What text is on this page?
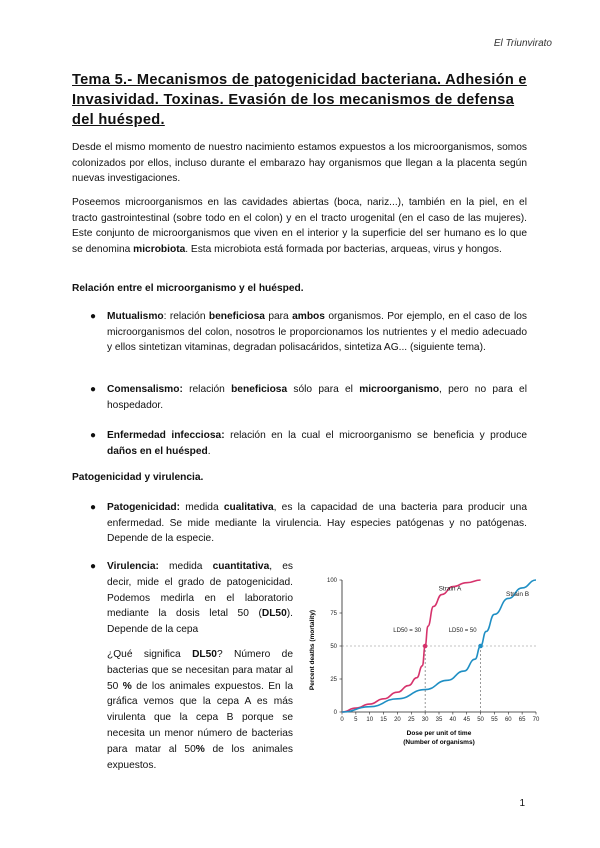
El Triunvirato
Tema 5.- Mecanismos de patogenicidad bacteriana. Adhesión e Invasividad. Toxinas. Evasión de los mecanismos de defensa del huésped.
Desde el mismo momento de nuestro nacimiento estamos expuestos a los microorganismos, somos colonizados por ellos, incluso durante el embarazo hay organismos que llegan a la placenta según nuevas investigaciones.
Poseemos microorganismos en las cavidades abiertas (boca, nariz...), también en la piel, en el tracto gastrointestinal (sobre todo en el colon) y en el tracto urogenital (en el caso de las mujeres). Este conjunto de microorganismos que viven en el interior y la superficie del ser humano es lo que se denomina microbiota. Esta microbiota está formada por bacterias, arqueas, virus y hongos.
Relación entre el microorganismo y el huésped.
● Mutualismo: relación beneficiosa para ambos organismos. Por ejemplo, en el caso de los microorganismos del colon, nosotros le proporcionamos los nutrientes y el medio adecuado y ellos sintetizan vitaminas, degradan polisacáridos, sintetiza AG... (siguiente tema).
● Comensalismo: relación beneficiosa sólo para el microorganismo, pero no para el hospedador.
● Enfermedad infecciosa: relación en la cual el microorganismo se beneficia y produce daños en el huésped.
Patogenicidad y virulencia.
● Patogenicidad: medida cualitativa, es la capacidad de una bacteria para producir una enfermedad. Se mide mediante la virulencia. Hay especies patógenas y no patógenas. Depende de la especie.
● Virulencia: medida cuantitativa, es decir, mide el grado de patogenicidad. Podemos medirla en el laboratorio mediante la dosis letal 50 (DL50). Depende de la cepa
¿Qué significa DL50? Número de bacterias que se necesitan para matar al 50 % de los animales expuestos. En la gráfica vemos que la cepa A es más virulenta que la cepa B porque se necesita un menor número de bacterias para matar al 50% de los animales expuestos.
0 5 10 15 20 25 30 35 40 45 50 55 60 65 70
0
25
50
75
100
Strain A
Strain B
LD50 = 30	LD50 = 50
Percent deaths (mortality)
Dose per unit of time
(Number of organisms)
1
